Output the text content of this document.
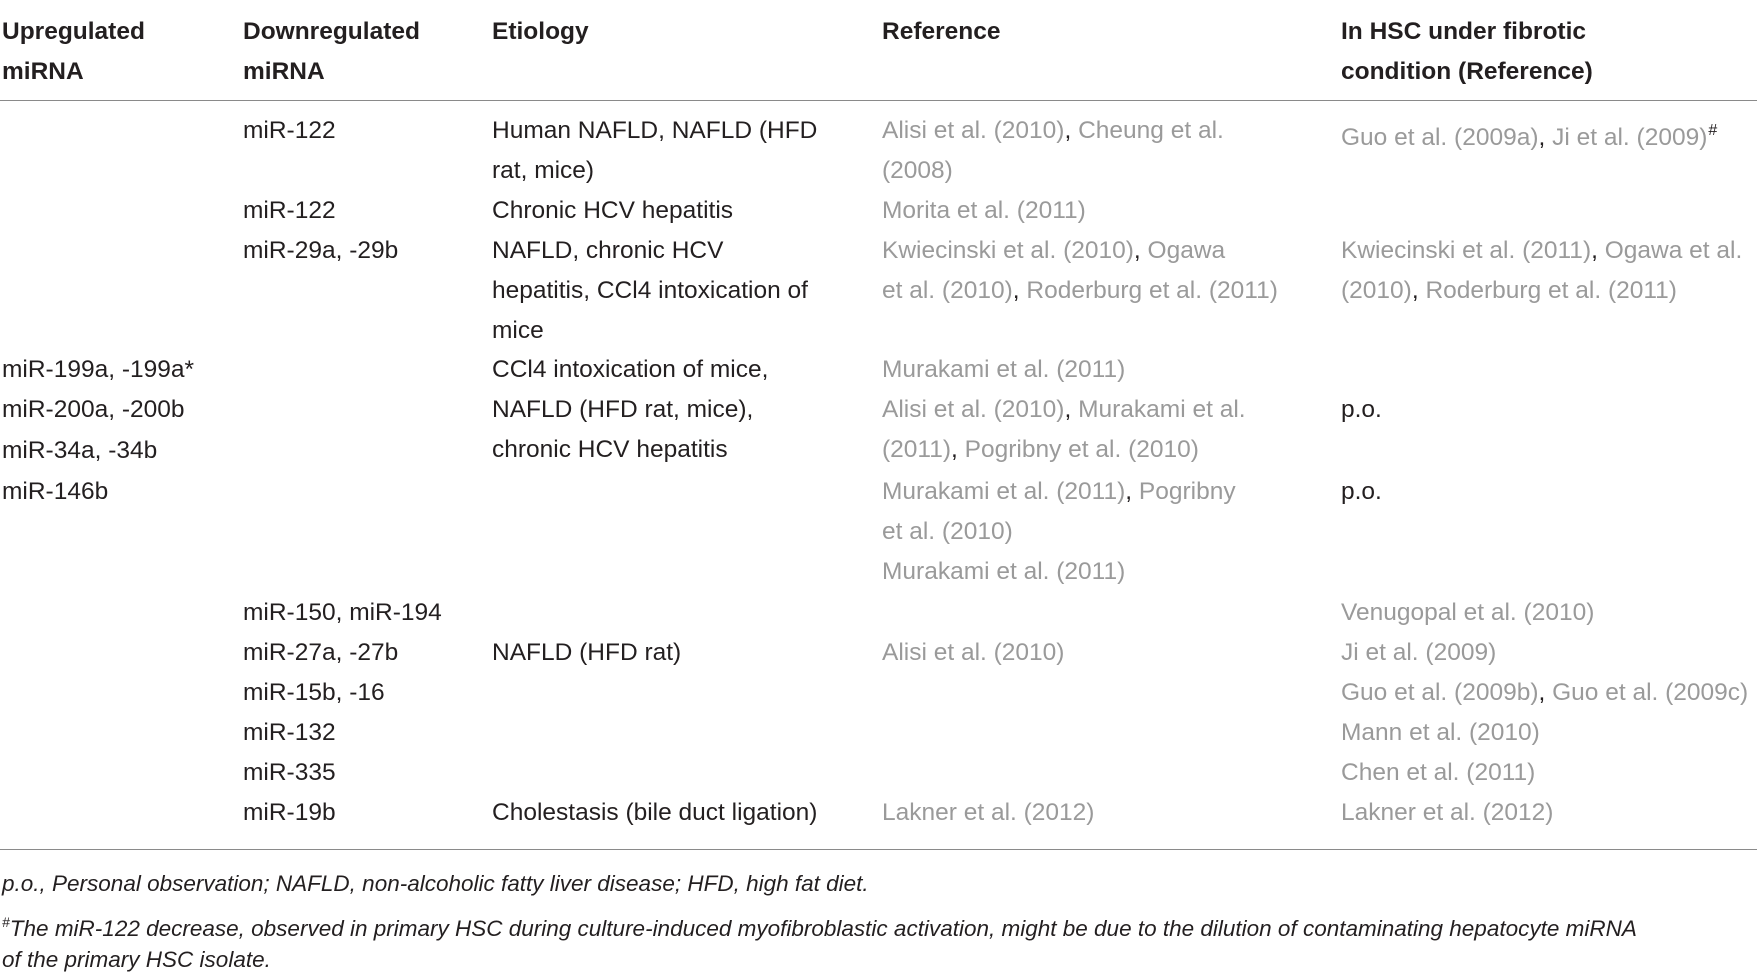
Upregulated
miRNA
Downregulated
miRNA
Etiology	Reference	In HSC under fibrotic
condition (Reference)
miR-199a, -199a*
miR-200a, -200b
miR-34a, -34b
miR-146b
miR-122
miR-122
miR-29a, -29b
miR-150, miR-194
miR-27a, -27b
miR-15b, -16
miR-132
miR-335
miR-19b
Human NAFLD, NAFLD (HFD
rat, mice)
Chronic HCV hepatitis
NAFLD, chronic HCV
hepatitis, CCl4 intoxication of
mice
CCl4 intoxication of mice,
NAFLD (HFD rat, mice),
chronic HCV hepatitis
NAFLD (HFD rat)
Cholestasis (bile duct ligation)
Alisi et al. (2010), Cheung et al.
(2008)
Morita et al. (2011)
Kwiecinski et al. (2010), Ogawa
et al. (2010), Roderburg et al. (2011)
Murakami et al. (2011)
Alisi et al. (2010), Murakami et al.
(2011), Pogribny et al. (2010)
Murakami et al. (2011), Pogribny
et al. (2010)
Murakami et al. (2011)
Alisi et al. (2010)
Lakner et al. (2012)
Guo et al. (2009a), Ji et al. (2009)#
Kwiecinski et al. (2011), Ogawa et al.
(2010), Roderburg et al. (2011)
p.o.
p.o.
Venugopal et al. (2010)
Ji et al. (2009)
Guo et al. (2009b), Guo et al. (2009c)
Mann et al. (2010)
Chen et al. (2011)
Lakner et al. (2012)
p.o., Personal observation; NAFLD, non-alcoholic fatty liver disease; HFD, high fat diet.
#The miR-122 decrease, observed in primary HSC during culture-induced myofibroblastic activation, might be due to the dilution of contaminating hepatocyte miRNA
of the primary HSC isolate.
